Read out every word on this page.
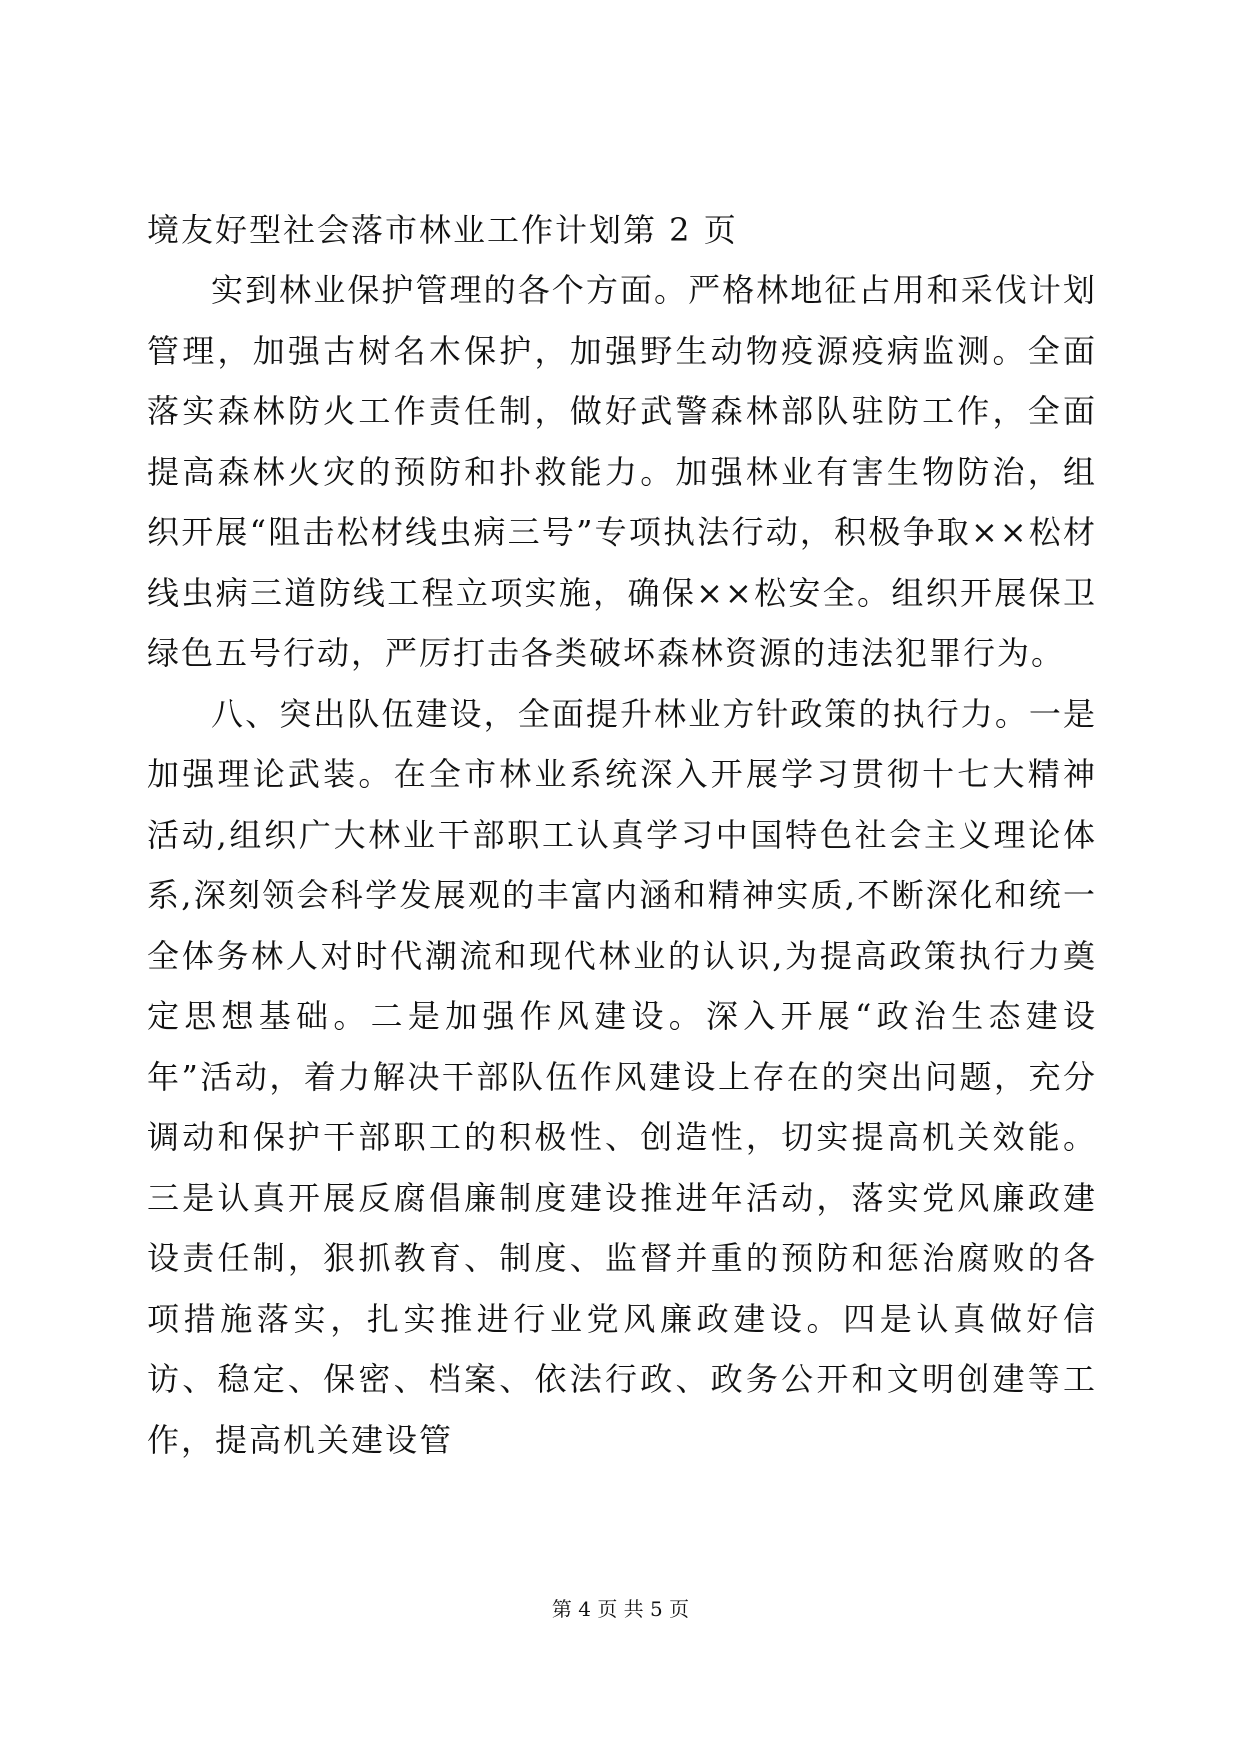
境友好型社会落市林业工作计划第 2 页

实到林业保护管理的各个方面。严格林地征占用和采伐计划管理，加强古树名木保护，加强野生动物疫源疫病监测。全面落实森林防火工作责任制，做好武警森林部队驻防工作，全面提高森林火灾的预防和扑救能力。加强林业有害生物防治，组织开展“阻击松材线虫病三号”专项执法行动，积极争取××松材线虫病三道防线工程立项实施，确保××松安全。组织开展保卫绿色五号行动，严厉打击各类破坏森林资源的违法犯罪行为。

八、突出队伍建设，全面提升林业方针政策的执行力。一是加强理论武装。在全市林业系统深入开展学习贯彻十七大精神活动,组织广大林业干部职工认真学习中国特色社会主义理论体系,深刻领会科学发展观的丰富内涵和精神实质,不断深化和统一全体务林人对时代潮流和现代林业的认识,为提高政策执行力奠定思想基础。二是加强作风建设。深入开展“政治生态建设年”活动，着力解决干部队伍作风建设上存在的突出问题，充分调动和保护干部职工的积极性、创造性，切实提高机关效能。三是认真开展反腐倡廉制度建设推进年活动，落实党风廉政建设责任制，狠抓教育、制度、监督并重的预防和惩治腐败的各项措施落实，扎实推进行业党风廉政建设。四是认真做好信访、稳定、保密、档案、依法行政、政务公开和文明创建等工作，提高机关建设管

第 4 页 共 5 页
